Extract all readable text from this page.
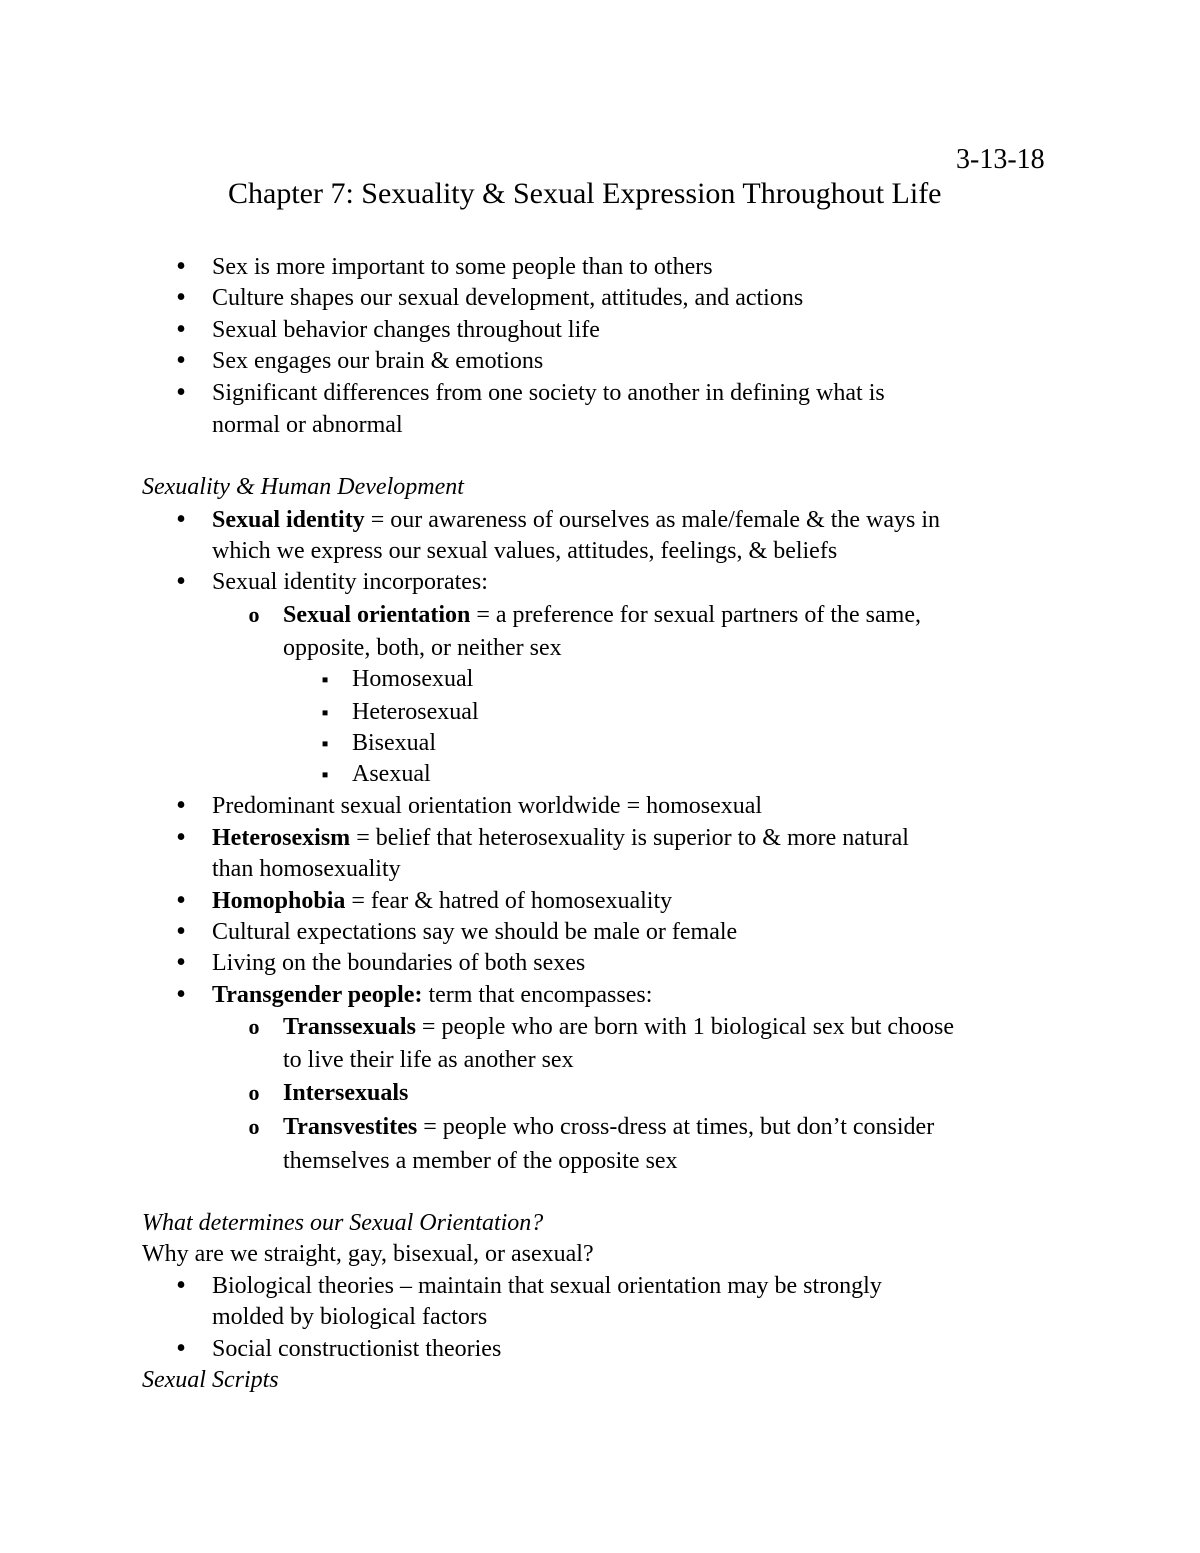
3-13-18
Chapter 7: Sexuality & Sexual Expression Throughout Life
•
Sex is more important to some people than to others
•
Culture shapes our sexual development, attitudes, and actions
•
Sexual behavior changes throughout life
•
Sex engages our brain & emotions
•
Significant differences from one society to another in defining what is
normal or abnormal
Sexuality & Human Development
•
Sexual identity = our awareness of ourselves as male/female & the ways in
which we express our sexual values, attitudes, feelings, & beliefs
•
Sexual identity incorporates:
o
Sexual orientation = a preference for sexual partners of the same,
opposite, both, or neither sex
▪
Homosexual
▪
Heterosexual
▪
Bisexual
▪
Asexual
•
Predominant sexual orientation worldwide = homosexual
•
Heterosexism = belief that heterosexuality is superior to & more natural
than homosexuality
•
Homophobia = fear & hatred of homosexuality
•
Cultural expectations say we should be male or female
•
Living on the boundaries of both sexes
•
Transgender people: term that encompasses:
o
Transsexuals = people who are born with 1 biological sex but choose
to live their life as another sex
o
Intersexuals
o
Transvestites = people who cross-dress at times, but don’t consider
themselves a member of the opposite sex
What determines our Sexual Orientation?
Why are we straight, gay, bisexual, or asexual?
•
Biological theories – maintain that sexual orientation may be strongly
molded by biological factors
•
Social constructionist theories
Sexual Scripts
